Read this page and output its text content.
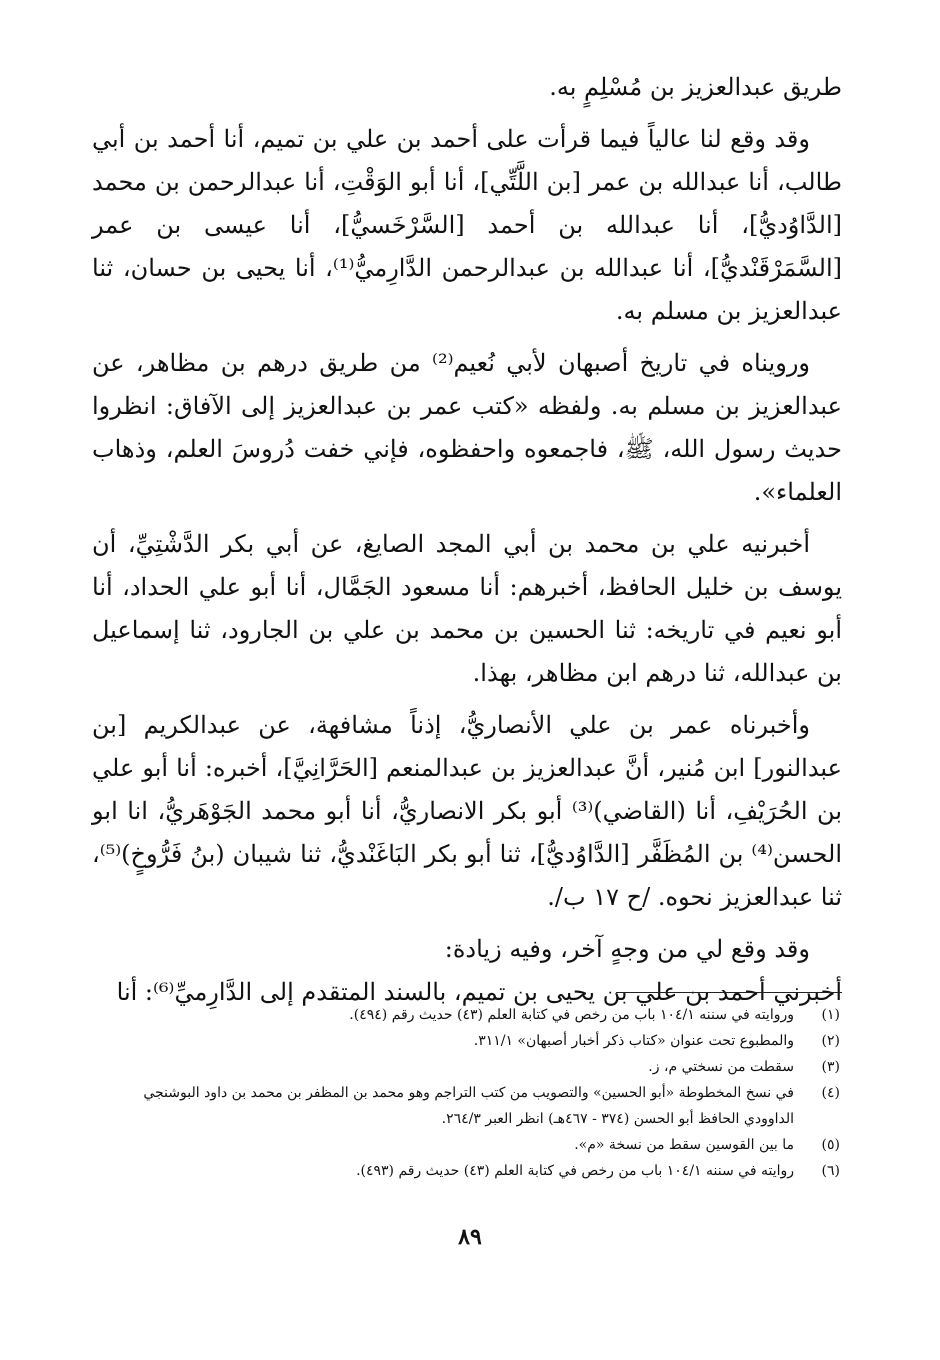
طريق عبدالعزيز بن مُسْلِمٍ به.

وقد وقع لنا عالياً فيما قرأت على أحمد بن علي بن تميم، أنا أحمد بن أبي طالب، أنا عبدالله بن عمر [بن اللَّتِّي]، أنا أبو الوَقْتِ، أنا عبدالرحمن بن محمد [الدَّاوُديُّ]، أنا عبدالله بن أحمد [السَّرْخَسيُّ]، أنا عيسى بن عمر [السَّمَرْقَنْديُّ]، أنا عبدالله بن عبدالرحمن الدَّارِميُّ⁽¹⁾، أنا يحيى بن حسان، ثنا عبدالعزيز بن مسلم به.

ورويناه في تاريخ أصبهان لأبي نُعيم⁽²⁾ من طريق درهم بن مظاهر، عن عبدالعزيز بن مسلم به. ولفظه «كتب عمر بن عبدالعزيز إلى الآفاق: انظروا حديث رسول الله، ﷺ، فاجمعوه واحفظوه، فإني خفت دُروسَ العلم، وذهاب العلماء».

أخبرنيه علي بن محمد بن أبي المجد الصايغ، عن أبي بكر الدَّشْتِيِّ، أن يوسف بن خليل الحافظ، أخبرهم: أنا مسعود الجَمَّال، أنا أبو علي الحداد، أنا أبو نعيم في تاريخه: ثنا الحسين بن محمد بن علي بن الجارود، ثنا إسماعيل بن عبدالله، ثنا درهم ابن مظاهر، بهذا.

وأخبرناه عمر بن علي الأنصاريُّ، إذناً مشافهة، عن عبدالكريم [بن عبدالنور] ابن مُنير، أنَّ عبدالعزيز بن عبدالمنعم [الحَرَّانِيَّ]، أخبره: أنا أبو علي بن الحُرَيْفِ، أنا (القاضي)⁽³⁾ أبو بكر الانصاريُّ، أنا أبو محمد الجَوْهَريُّ، انا ابو الحسن⁽⁴⁾ بن المُظَفَّر [الدَّاوُديُّ]، ثنا أبو بكر البَاغَنْديُّ، ثنا شيبان (بنُ فَرُّوخٍ)⁽⁵⁾، ثنا عبدالعزيز نحوه. /ح ١٧ ب/.

وقد وقع لي من وجهٍ آخر، وفيه زيادة:

أخبرني أحمد بن علي بن يحيى بن تميم، بالسند المتقدم إلى الدَّارِميِّ⁽⁶⁾: أنا

(١)
وروايته في سننه ١٠٤/١ باب من رخص في كتابة العلم (٤٣) حديث رقم (٤٩٤).
(٢)
والمطبوع تحت عنوان «كتاب ذكر أخبار أصبهان» ٣١١/١.
(٣)
سقطت من نسختي م، ز.
(٤)
في نسخ المخطوطة «أبو الحسين» والتصويب من كتب التراجم وهو محمد بن المظفر بن محمد بن داود البوشنجي الداوودي الحافظ أبو الحسن (٣٧٤ - ٤٦٧هـ) انظر العبر ٢٦٤/٣.
(٥)
ما بين القوسين سقط من نسخة «م».
(٦)
روايته في سننه ١٠٤/١ باب من رخص في كتابة العلم (٤٣) حديث رقم (٤٩٣).
٨٩
